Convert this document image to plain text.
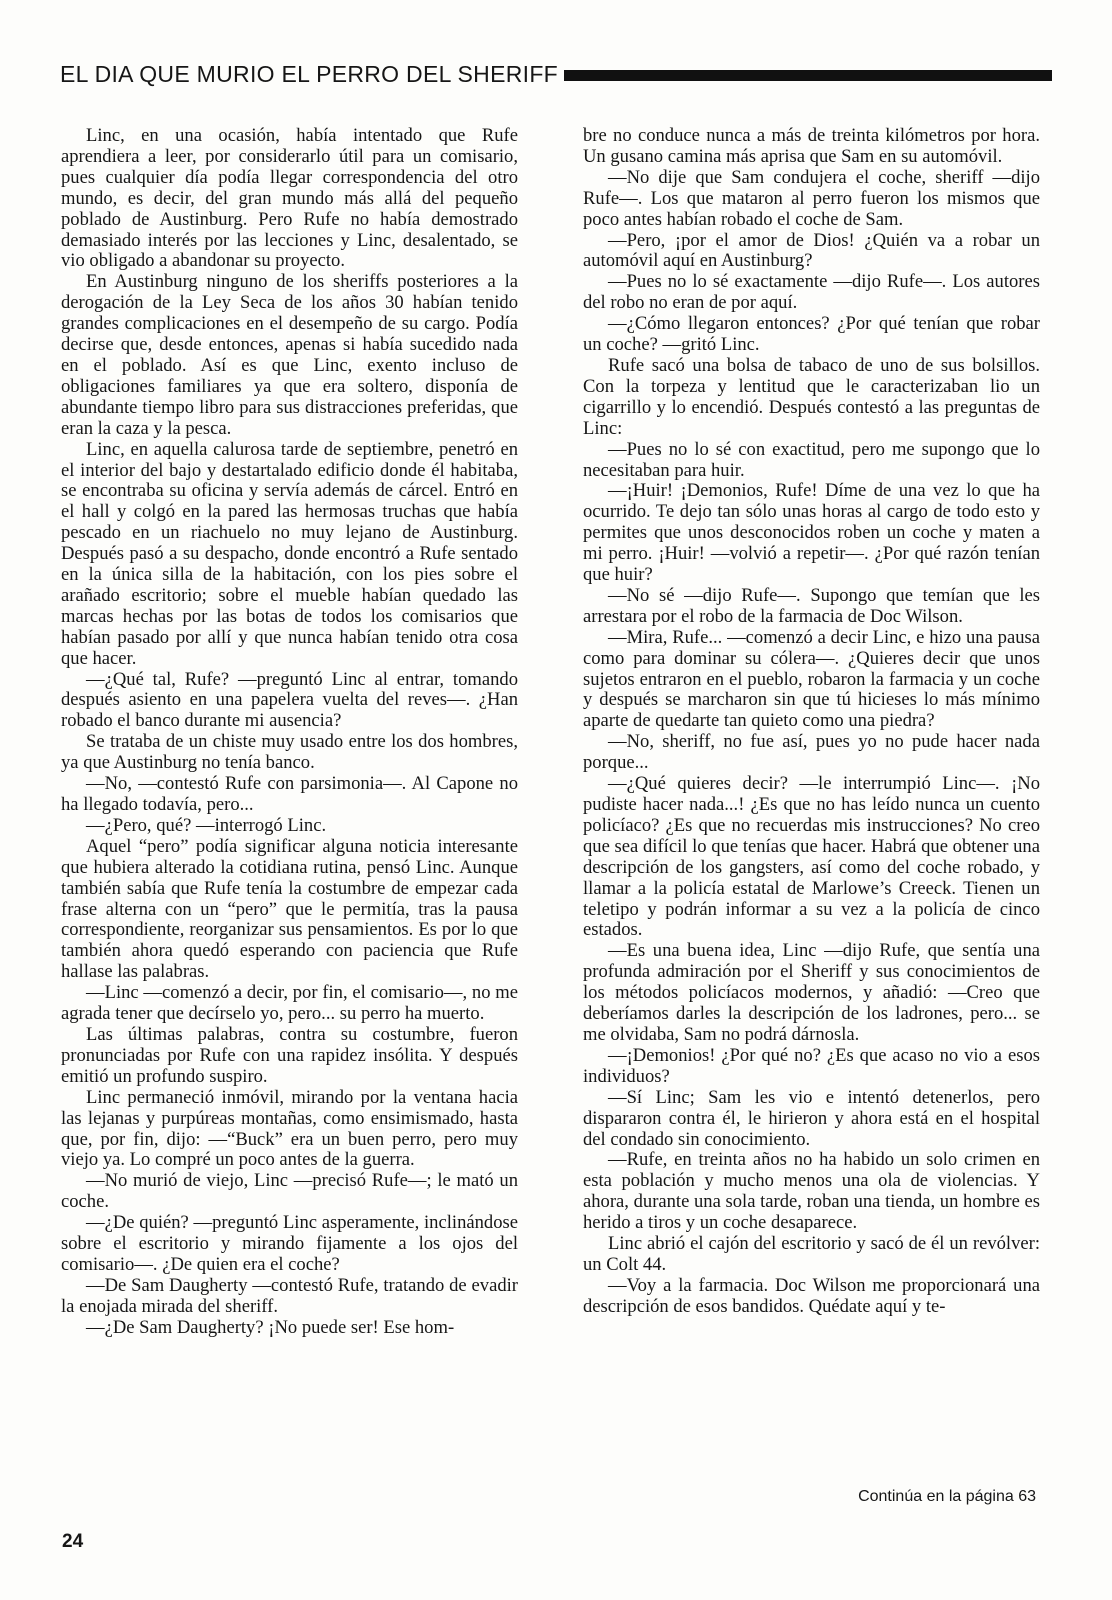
EL DIA QUE MURIO EL PERRO DEL SHERIFF

Linc, en una ocasión, había intentado que Rufe aprendiera a leer, por considerarlo útil para un comisario, pues cualquier día podía llegar correspondencia del otro mundo, es decir, del gran mundo más allá del pequeño poblado de Austinburg. Pero Rufe no había demostrado demasiado interés por las lecciones y Linc, desalentado, se vio obligado a abandonar su proyecto.

En Austinburg ninguno de los sheriffs posteriores a la derogación de la Ley Seca de los años 30 habían tenido grandes complicaciones en el desempeño de su cargo. Podía decirse que, desde entonces, apenas si había sucedido nada en el poblado. Así es que Linc, exento incluso de obligaciones familiares ya que era soltero, disponía de abundante tiempo libro para sus distracciones preferidas, que eran la caza y la pesca.

Linc, en aquella calurosa tarde de septiembre, penetró en el interior del bajo y destartalado edificio donde él habitaba, se encontraba su oficina y servía además de cárcel. Entró en el hall y colgó en la pared las hermosas truchas que había pescado en un riachuelo no muy lejano de Austinburg. Después pasó a su despacho, donde encontró a Rufe sentado en la única silla de la habitación, con los pies sobre el arañado escritorio; sobre el mueble habían quedado las marcas hechas por las botas de todos los comisarios que habían pasado por allí y que nunca habían tenido otra cosa que hacer.

—¿Qué tal, Rufe? —preguntó Linc al entrar, tomando después asiento en una papelera vuelta del reves—. ¿Han robado el banco durante mi ausencia?

Se trataba de un chiste muy usado entre los dos hombres, ya que Austinburg no tenía banco.

—No, —contestó Rufe con parsimonia—. Al Capone no ha llegado todavía, pero...

—¿Pero, qué? —interrogó Linc.

Aquel “pero” podía significar alguna noticia interesante que hubiera alterado la cotidiana rutina, pensó Linc. Aunque también sabía que Rufe tenía la costumbre de empezar cada frase alterna con un “pero” que le permitía, tras la pausa correspondiente, reorganizar sus pensamientos. Es por lo que también ahora quedó esperando con paciencia que Rufe hallase las palabras.

—Linc —comenzó a decir, por fin, el comisario—, no me agrada tener que decírselo yo, pero... su perro ha muerto.

Las últimas palabras, contra su costumbre, fueron pronunciadas por Rufe con una rapidez insólita. Y después emitió un profundo suspiro.

Linc permaneció inmóvil, mirando por la ventana hacia las lejanas y purpúreas montañas, como ensimismado, hasta que, por fin, dijo: —“Buck” era un buen perro, pero muy viejo ya. Lo compré un poco antes de la guerra.

—No murió de viejo, Linc —precisó Rufe—; le mató un coche.

—¿De quién? —preguntó Linc asperamente, inclinándose sobre el escritorio y mirando fijamente a los ojos del comisario—. ¿De quien era el coche?

—De Sam Daugherty —contestó Rufe, tratando de evadir la enojada mirada del sheriff.

—¿De Sam Daugherty? ¡No puede ser! Ese hom-

bre no conduce nunca a más de treinta kilómetros por hora. Un gusano camina más aprisa que Sam en su automóvil.

—No dije que Sam condujera el coche, sheriff —dijo Rufe—. Los que mataron al perro fueron los mismos que poco antes habían robado el coche de Sam.

—Pero, ¡por el amor de Dios! ¿Quién va a robar un automóvil aquí en Austinburg?

—Pues no lo sé exactamente —dijo Rufe—. Los autores del robo no eran de por aquí.

—¿Cómo llegaron entonces? ¿Por qué tenían que robar un coche? —gritó Linc.

Rufe sacó una bolsa de tabaco de uno de sus bolsillos. Con la torpeza y lentitud que le caracterizaban lio un cigarrillo y lo encendió. Después contestó a las preguntas de Linc:

—Pues no lo sé con exactitud, pero me supongo que lo necesitaban para huir.

—¡Huir! ¡Demonios, Rufe! Díme de una vez lo que ha ocurrido. Te dejo tan sólo unas horas al cargo de todo esto y permites que unos desconocidos roben un coche y maten a mi perro. ¡Huir! —volvió a repetir—. ¿Por qué razón tenían que huir?

—No sé —dijo Rufe—. Supongo que temían que les arrestara por el robo de la farmacia de Doc Wilson.

—Mira, Rufe... —comenzó a decir Linc, e hizo una pausa como para dominar su cólera—. ¿Quieres decir que unos sujetos entraron en el pueblo, robaron la farmacia y un coche y después se marcharon sin que tú hicieses lo más mínimo aparte de quedarte tan quieto como una piedra?

—No, sheriff, no fue así, pues yo no pude hacer nada porque...

—¿Qué quieres decir? —le interrumpió Linc—. ¡No pudiste hacer nada...! ¿Es que no has leído nunca un cuento policíaco? ¿Es que no recuerdas mis instrucciones? No creo que sea difícil lo que tenías que hacer. Habrá que obtener una descripción de los gangsters, así como del coche robado, y llamar a la policía estatal de Marlowe’s Creeck. Tienen un teletipo y podrán informar a su vez a la policía de cinco estados.

—Es una buena idea, Linc —dijo Rufe, que sentía una profunda admiración por el Sheriff y sus conocimientos de los métodos policíacos modernos, y añadió: —Creo que deberíamos darles la descripción de los ladrones, pero... se me olvidaba, Sam no podrá dárnosla.

—¡Demonios! ¿Por qué no? ¿Es que acaso no vio a esos individuos?

—Sí Linc; Sam les vio e intentó detenerlos, pero dispararon contra él, le hirieron y ahora está en el hospital del condado sin conocimiento.

—Rufe, en treinta años no ha habido un solo crimen en esta población y mucho menos una ola de violencias. Y ahora, durante una sola tarde, roban una tienda, un hombre es herido a tiros y un coche desaparece.

Linc abrió el cajón del escritorio y sacó de él un revólver: un Colt 44.

—Voy a la farmacia. Doc Wilson me proporcionará una descripción de esos bandidos. Quédate aquí y te-

Continúa en la página 63
24
